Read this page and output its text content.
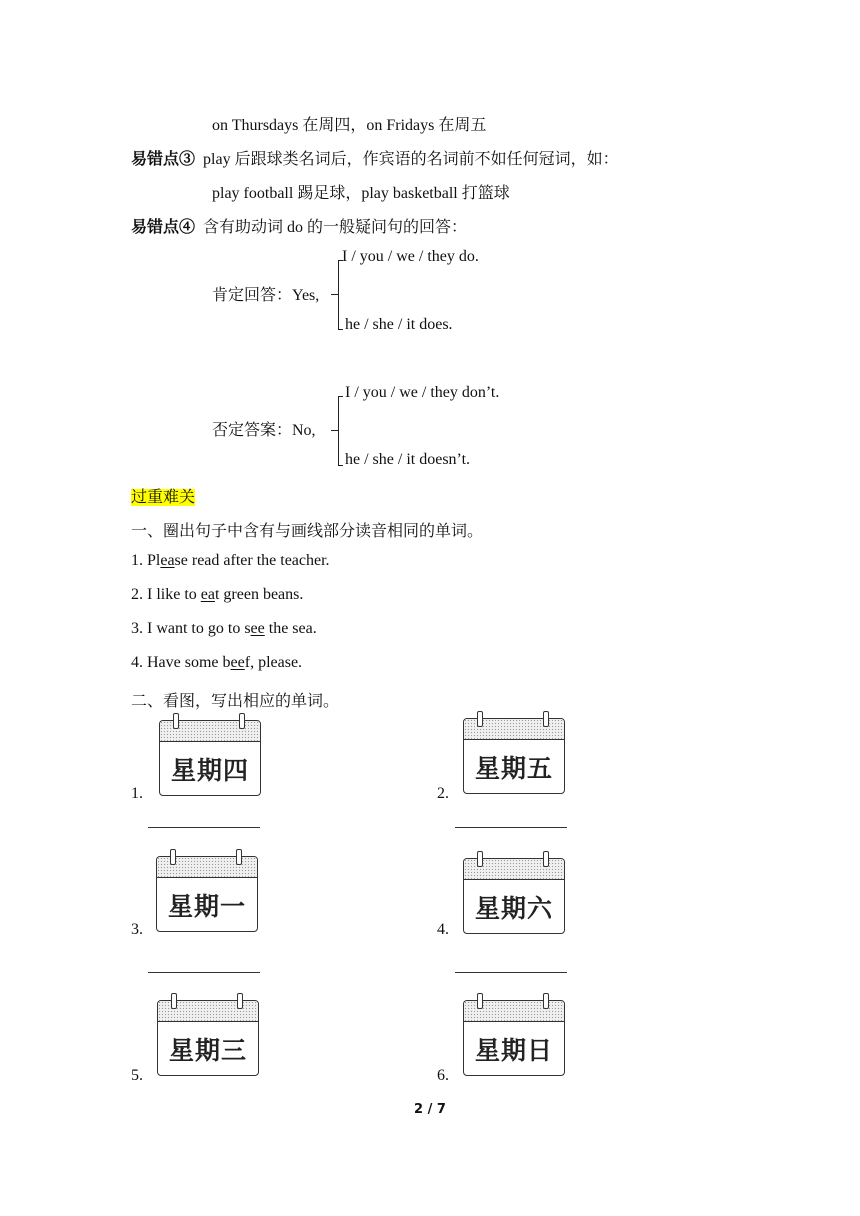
on Thursdays 在周四，on Fridays 在周五
易错点③ play 后跟球类名词后，作宾语的名词前不如任何冠词，如：
play football 踢足球，play basketball 打篮球
易错点④ 含有助动词 do 的一般疑问句的回答：
肯定回答：Yes,
I / you / we / they do.
he / she / it does.
否定答案：No,
I / you / we / they don’t.
he / she / it doesn’t.
过重难关
一、圈出句子中含有与画线部分读音相同的单词。
1. Please read after the teacher.
2. I like to eat green beans.
3. I want to go to see the sea.
4. Have some beef, please.
二、看图，写出相应的单词。
1.
星期四
2.
星期五
3.
星期一
4.
星期六
5.
星期三
6.
星期日
2 / 7
